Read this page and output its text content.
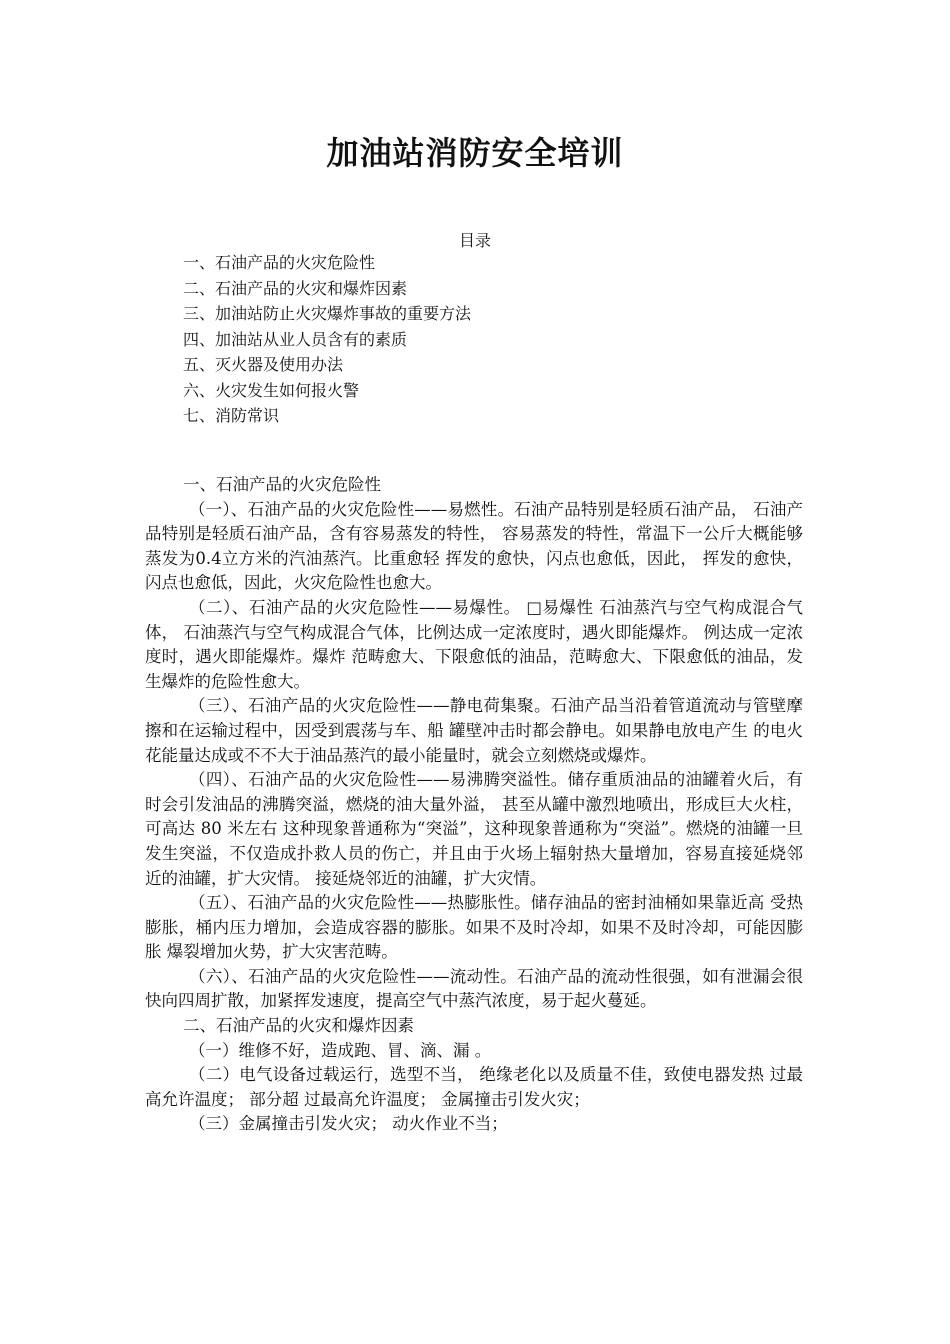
加油站消防安全培训
目录
一、石油产品的火灾危险性
二、石油产品的火灾和爆炸因素
三、加油站防止火灾爆炸事故的重要方法
四、加油站从业人员含有的素质
五、灭火器及使用办法
六、火灾发生如何报火警
七、消防常识

一、石油产品的火灾危险性

（一）、石油产品的火灾危险性——易燃性。石油产品特别是轻质石油产品， 石油产品特别是轻质石油产品，含有容易蒸发的特性， 容易蒸发的特性，常温下一公斤大概能够蒸发为0.4立方米的汽油蒸汽。比重愈轻 挥发的愈快，闪点也愈低，因此， 挥发的愈快，闪点也愈低，因此，火灾危险性也愈大。

（二）、石油产品的火灾危险性——易爆性。 □易爆性 石油蒸汽与空气构成混合气体， 石油蒸汽与空气构成混合气体，比例达成一定浓度时，遇火即能爆炸。 例达成一定浓度时，遇火即能爆炸。爆炸 范畴愈大、下限愈低的油品，范畴愈大、下限愈低的油品，发生爆炸的危险性愈大。

（三）、石油产品的火灾危险性——静电荷集聚。石油产品当沿着管道流动与管壁摩擦和在运输过程中，因受到震荡与车、船 罐壁冲击时都会静电。如果静电放电产生 的电火花能量达成或不不大于油品蒸汽的最小能量时，就会立刻燃烧或爆炸。

（四）、石油产品的火灾危险性——易沸腾突溢性。储存重质油品的油罐着火后，有时会引发油品的沸腾突溢，燃烧的油大量外溢， 甚至从罐中激烈地喷出，形成巨大火柱，可高达 80 米左右 这种现象普通称为“突溢”，这种现象普通称为“突溢”。燃烧的油罐一旦发生突溢，不仅造成扑救人员的伤亡，并且由于火场上辐射热大量增加，容易直接延烧邻近的油罐，扩大灾情。 接延烧邻近的油罐，扩大灾情。

（五）、石油产品的火灾危险性——热膨胀性。储存油品的密封油桶如果靠近高 受热膨胀，桶内压力增加，会造成容器的膨胀。如果不及时冷却，如果不及时冷却，可能因膨胀 爆裂增加火势，扩大灾害范畴。

（六）、石油产品的火灾危险性——流动性。石油产品的流动性很强，如有泄漏会很快向四周扩散，加紧挥发速度，提高空气中蒸汽浓度，易于起火蔓延。

二、石油产品的火灾和爆炸因素

（一）维修不好，造成跑、冒、滴、漏 。

（二）电气设备过载运行，选型不当， 绝缘老化以及质量不佳，致使电器发热 过最高允许温度； 部分超 过最高允许温度； 金属撞击引发火灾；

（三）金属撞击引发火灾； 动火作业不当；
